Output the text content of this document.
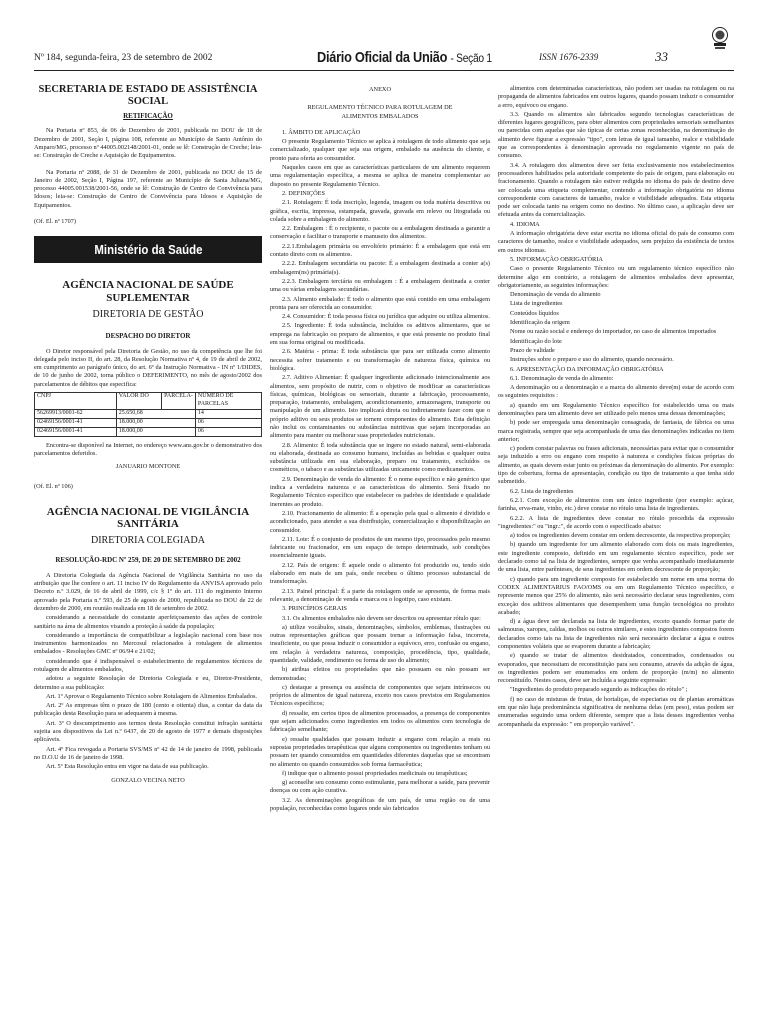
Nº 184, segunda-feira, 23 de setembro de 2002	Diário Oficial da União - Seção 1	ISSN 1676-2339	33
SECRETARIA DE ESTADO DE ASSISTÊNCIA SOCIAL
RETIFICAÇÃO

Na Portaria nº 853, de 06 de Dezembro de 2001, publicada no DOU de 18 de Dezembro de 2001, Seção I, página 108, referente ao Município de Santo Antônio do Amparo/MG, processo nº 44005.002148/2001-01, onde se lê: Construção de Creche; leia-se: Construção de Creche e Aquisição de Equipamentos.

Na Portaria nº 2088, de 31 de Dezembro de 2001, publicada no DOU de 15 de Janeiro de 2002, Seção I, Página 197, referente ao Município de Santa Juliana/MG, processo 44005.001538/2001-56, onde se lê: Construção de Centro de Convivência para Idosos; leia-se: Construção de Centro de Convivência para Idosos e Aquisição de Equipamentos.

(Of. El. nº 1707)

Ministério da Saúde
AGÊNCIA NACIONAL DE SAÚDE SUPLEMENTAR
DIRETORIA DE GESTÃO
DESPACHO DO DIRETOR

O Diretor responsável pela Diretoria de Gestão, no uso da competência que lhe foi delegada pelo inciso II, do art. 28, da Resolução Normativa nº 4, de 19 de abril de 2002, em cumprimento ao parágrafo único, do art. 6º da Instrução Normativa - IN nº 1/DIDES, de 10 de junho de 2002, torna público o DEFERIMENTO, no mês de agosto/2002 dos parcelamentos de débitos que especifica:

CNPJ	VALOR DO	PARCELA-	NÚMERO DE PARCELAS
56269913/0001-62	25.650,68		14
02469156/0001-41	18.000,00		06
02469156/0001-41	18.000,00		06

Encontra-se disponível na Internet, no endereço www.ans.gov.br o demonstrativo dos parcelamentos deferidos.

JANUARIO MONTONE

(Of. El. nº 106)

AGÊNCIA NACIONAL DE VIGILÂNCIA SANITÁRIA
DIRETORIA COLEGIADA
RESOLUÇÃO-RDC Nº 259, DE 20 DE SETEMBRO DE 2002

A Diretoria Colegiada da Agência Nacional de Vigilância Sanitária no uso da atribuição que lhe confere o art. 11 inciso IV do Regulamento da ANVISA aprovado pelo Decreto n.º 3.029, de 16 de abril de 1999, c/c § 1º do art. 111 do regimento Interno aprovado pela Portaria n.º 593, de 25 de agosto de 2000, republicada no DOU de 22 de dezembro de 2000, em reunião realizada em 18 de setembro de 2002.

considerando a necessidade do constante aperfeiçoamento das ações de controle sanitário na área de alimentos visando a proteção à saúde da população;

considerando a importância de compatibilizar a legislação nacional com base nos instrumentos harmonizados no Mercosul relacionados à rotulagem de alimentos embalados - Resoluções GMC nº 06/94 e 21/02;

considerando que é indispensável o estabelecimento de regulamentos técnicos de rotulagem de alimentos embalados,

adotou a seguinte Resolução de Diretoria Colegiada e eu, Diretor-Presidente, determino a sua publicação:

Art. 1º Aprovar o Regulamento Técnico sobre Rotulagem de Alimentos Embalados.

Art. 2º As empresas têm o prazo de 180 (cento e oitenta) dias, a contar da data da publicação desta Resolução para se adequarem à mesma.

Art. 3º O descumprimento aos termos desta Resolução constitui infração sanitária sujeita aos dispositivos da Lei n.º 6437, de 20 de agosto de 1977 e demais disposições aplicáveis.

Art. 4º Fica revogada a Portaria SVS/MS nº 42 de 14 de janeiro de 1998, publicada no D.O.U de 16 de janeiro de 1998.

Art. 5º Esta Resolução entra em vigor na data de sua publicação.

GONZALO VECINA NETO
ANEXO
REGULAMENTO TÉCNICO PARA ROTULAGEM DE ALIMENTOS EMBALADOS

1. ÂMBITO DE APLICAÇÃO

O presente Regulamento Técnico se aplica à rotulagem de todo alimento que seja comercializado, qualquer que seja sua origem, embalado na ausência do cliente, e pronto para oferta ao consumidor.

Naqueles casos em que as características particulares de um alimento requerem uma regulamentação específica, a mesma se aplica de maneira complementar ao disposto no presente Regulamento Técnico.

2. DEFINIÇÕES

2.1. Rotulagem: É toda inscrição, legenda, imagem ou toda matéria descritiva ou gráfica, escrita, impressa, estampada, gravada, gravada em relevo ou litografada ou colada sobre a embalagem do alimento.

2.2. Embalagem : É o recipiente, o pacote ou a embalagem destinada a garantir a conservação e facilitar o transporte e manuseio dos alimentos.

2.2.1.Embalagem primária ou envoltório primário: É a embalagem que está em contato direto com os alimentos.

2.2.2. Embalagem secundária ou pacote: É a embalagem destinada a conter a(s) embalagem(ns) primária(s).

2.2.3. Embalagem terciária ou embalagem : É a embalagem destinada a conter uma ou várias embalagens secundárias.

2.3. Alimento embalado: É todo o alimento que está contido em uma embalagem pronta para ser oferecida ao consumidor.

2.4. Consumidor: É toda pessoa física ou jurídica que adquire ou utiliza alimentos.

2.5. Ingrediente: É toda substância, incluídos os aditivos alimentares, que se emprega na fabricação ou preparo de alimentos, e que está presente no produto final em sua forma original ou modificada.

2.6. Matéria - prima: É toda substância que para ser utilizada como alimento necessita sofrer tratamento e ou transformação de natureza física, química ou biológica.

2.7. Aditivo Alimentar: É qualquer ingrediente adicionado intencionalmente aos alimentos, sem propósito de nutrir, com o objetivo de modificar as características físicas, químicas, biológicas ou sensoriais, durante a fabricação, processamento, preparação, tratamento, embalagem, acondicionamento, armazenagem, transporte ou manipulação de um alimento. Isto implicará direta ou indiretamente fazer com que o próprio aditivo ou seus produtos se tornem componentes do alimento. Esta definição não inclui os contaminantes ou substâncias nutritivas que sejam incorporadas ao alimento para manter ou melhorar suas propriedades nutricionais.

2.8. Alimento: É toda substância que se ingere no estado natural, semi-elaborada ou elaborada, destinada ao consumo humano, incluídas as bebidas e qualquer outra substância utilizada em sua elaboração, preparo ou tratamento, excluídos os cosméticos, o tabaco e as substâncias utilizadas unicamente como medicamentos.

2.9. Denominação de venda do alimento: É o nome específico e não genérico que indica a verdadeira natureza e as características do alimento. Será fixado no Regulamento Técnico específico que estabelecer os padrões de identidade e qualidade inerentes ao produto.

2.10. Fracionamento de alimento: É a operação pela qual o alimento é dividido e acondicionado, para atender a sua distribuição, comercialização e disponibilização ao consumidor.

2.11. Lote: É o conjunto de produtos de um mesmo tipo, processados pelo mesmo fabricante ou fracionador, em um espaço de tempo determinado, sob condições essencialmente iguais.

2.12. País de origem: É aquele onde o alimento foi produzido ou, tendo sido elaborado em mais de um país, onde recebeu o último processo substancial de transformação.

2.13. Painel principal: É a parte da rotulagem onde se apresenta, de forma mais relevante, a denominação de venda e marca ou o logotipo, caso existam.

3. PRINCÍPIOS GERAIS

3.1. Os alimentos embalados não devem ser descritos ou apresentar rótulo que:

a) utilize vocábulos, sinais, denominações, símbolos, emblemas, ilustrações ou outras representações gráficas que possam tornar a informação falsa, incorreta, insuficiente, ou que possa induzir o consumidor a equívoco, erro, confusão ou engano, em relação à verdadeira natureza, composição, procedência, tipo, qualidade, quantidade, validade, rendimento ou forma de uso do alimento;

b) atribua efeitos ou propriedades que não possuam ou não possam ser demonstradas;

c) destaque a presença ou ausência de componentes que sejam intrínsecos ou próprios de alimentos de igual natureza, exceto nos casos previstos em Regulamentos Técnicos específicos;

d) ressalte, em certos tipos de alimentos processados, a presença de componentes que sejam adicionados como ingredientes em todos os alimentos com tecnologia de fabricação semelhante;

e) ressalte qualidades que possam induzir a engano com relação a reais ou supostas propriedades terapêuticas que alguns componentes ou ingredientes tenham ou possam ter quando consumidos em quantidades diferentes daquelas que se encontram no alimento ou quando consumidos sob forma farmacêutica;

f) indique que o alimento possui propriedades medicinais ou terapêuticas;

g) aconselhe seu consumo como estimulante, para melhorar a saúde, para prevenir doenças ou com ação curativa.

3.2. As denominações geográficas de um país, de uma região ou de uma população, reconhecidas como lugares onde são fabricados

alimentos com determinadas características, não podem ser usadas na rotulagem ou na propaganda de alimentos fabricados em outros lugares, quando possam induzir o consumidor a erro, equívoco ou engano.

3.3. Quando os alimentos são fabricados segundo tecnologias características de diferentes lugares geográficos, para obter alimentos com propriedades sensoriais semelhantes ou parecidas com aquelas que são típicas de certas zonas reconhecidas, na denominação do alimento deve figurar a expressão "tipo", com letras de igual tamanho, realce e visibilidade que as correspondentes à denominação aprovada no regulamento vigente no país de consumo.

3.4. A rotulagem dos alimentos deve ser feita exclusivamente nos estabelecimentos processadores habilitados pela autoridade competente do país de origem, para elaboração ou fracionamento. Quando a rotulagem não estiver redigida no idioma do país de destino deve ser colocada uma etiqueta complementar, contendo a informação obrigatória no idioma correspondente com caracteres de tamanho, realce e visibilidade adequados. Esta etiqueta pode ser colocada tanto na origem como no destino. No último caso, a aplicação deve ser efetuada antes da comercialização.

4. IDIOMA

A informação obrigatória deve estar escrita no idioma oficial do país de consumo com caracteres de tamanho, realce e visibilidade adequados, sem prejuízo da existência de textos em outros idiomas.

5. INFORMAÇÃO OBRIGATÓRIA

Caso o presente Regulamento Técnico ou um regulamento técnico específico não determine algo em contrário, a rotulagem de alimentos embalados deve apresentar, obrigatoriamente, as seguintes informações:

Denominação de venda do alimento

Lista de ingredientes

Conteúdos líquidos

Identificação da origem

Nome ou razão social e endereço do importador, no caso de alimentos importados

Identificação do lote

Prazo de validade

Instruções sobre o preparo e uso do alimento, quando necessário.

6. APRESENTAÇÃO DA INFORMAÇÃO OBRIGATÓRIA

6.1. Denominação de venda do alimento:

A denominação ou a denominação e a marca do alimento deve(m) estar de acordo com os seguintes requisitos :

a) quando em um Regulamento Técnico específico for estabelecido uma ou mais denominações para um alimento deve ser utilizado pelo menos uma dessas denominações;

b) pode ser empregada uma denominação consagrada, de fantasia, de fábrica ou uma marca registrada, sempre que seja acompanhada de uma das denominações indicadas no item anterior;

c) podem constar palavras ou frases adicionais, necessárias para evitar que o consumidor seja induzido a erro ou engano com respeito à natureza e condições físicas próprias do alimento, as quais devem estar junto ou próximas da denominação do alimento. Por exemplo: tipo de cobertura, forma de apresentação, condição ou tipo de tratamento a que tenha sido submetido.

6.2. Lista de ingredientes

6.2.1. Com exceção de alimentos com um único ingrediente (por exemplo: açúcar, farinha, erva-mate, vinho, etc.) deve constar no rótulo uma lista de ingredientes.

6.2.2. A lista de ingredientes deve constar no rótulo precedida da expressão "ingredientes:" ou "ingr.:", de acordo com o especificado abaixo:

a) todos os ingredientes devem constar em ordem decrescente, da respectiva proporção;

b) quando um ingrediente for um alimento elaborado com dois ou mais ingredientes, este ingrediente composto, definido em um regulamento técnico específico, pode ser declarado como tal na lista de ingredientes, sempre que venha acompanhado imediatamente de uma lista, entre parênteses, de seus ingredientes em ordem decrescente de proporção;

c) quando para um ingrediente composto for estabelecido um nome em uma norma do CODEX ALIMENTARIUS FAO/OMS ou em um Regulamento Técnico específico, e represente menos que 25% do alimento, não será necessário declarar seus ingredientes, com exceção dos aditivos alimentares que desempenhem uma função tecnológica no produto acabado;

d) a água deve ser declarada na lista de ingredientes, exceto quando formar parte de salmouras, xaropes, caldas, molhos ou outros similares, e estes ingredientes compostos forem declarados como tais na lista de ingredientes não será necessário declarar a água e outros componentes voláteis que se evaporem durante a fabricação;

e) quando se tratar de alimentos desidratados, concentrados, condensados ou evaporados, que necessitam de reconstituição para seu consumo, através da adição de água, os ingredientes podem ser enumerados em ordem de proporção (m/m) no alimento reconstituído. Nestes casos, deve ser incluída a seguinte expressão:

"Ingredientes do produto preparado segundo as indicações do rótulo" ;

f) no caso de misturas de frutas, de hortaliças, de especiarias ou de plantas aromáticas em que não haja predominância significativa de nenhuma delas (em peso), estas podem ser enumeradas seguindo uma ordem diferente, sempre que a lista desses ingredientes venha acompanhada da expressão: " em proporção variável".
